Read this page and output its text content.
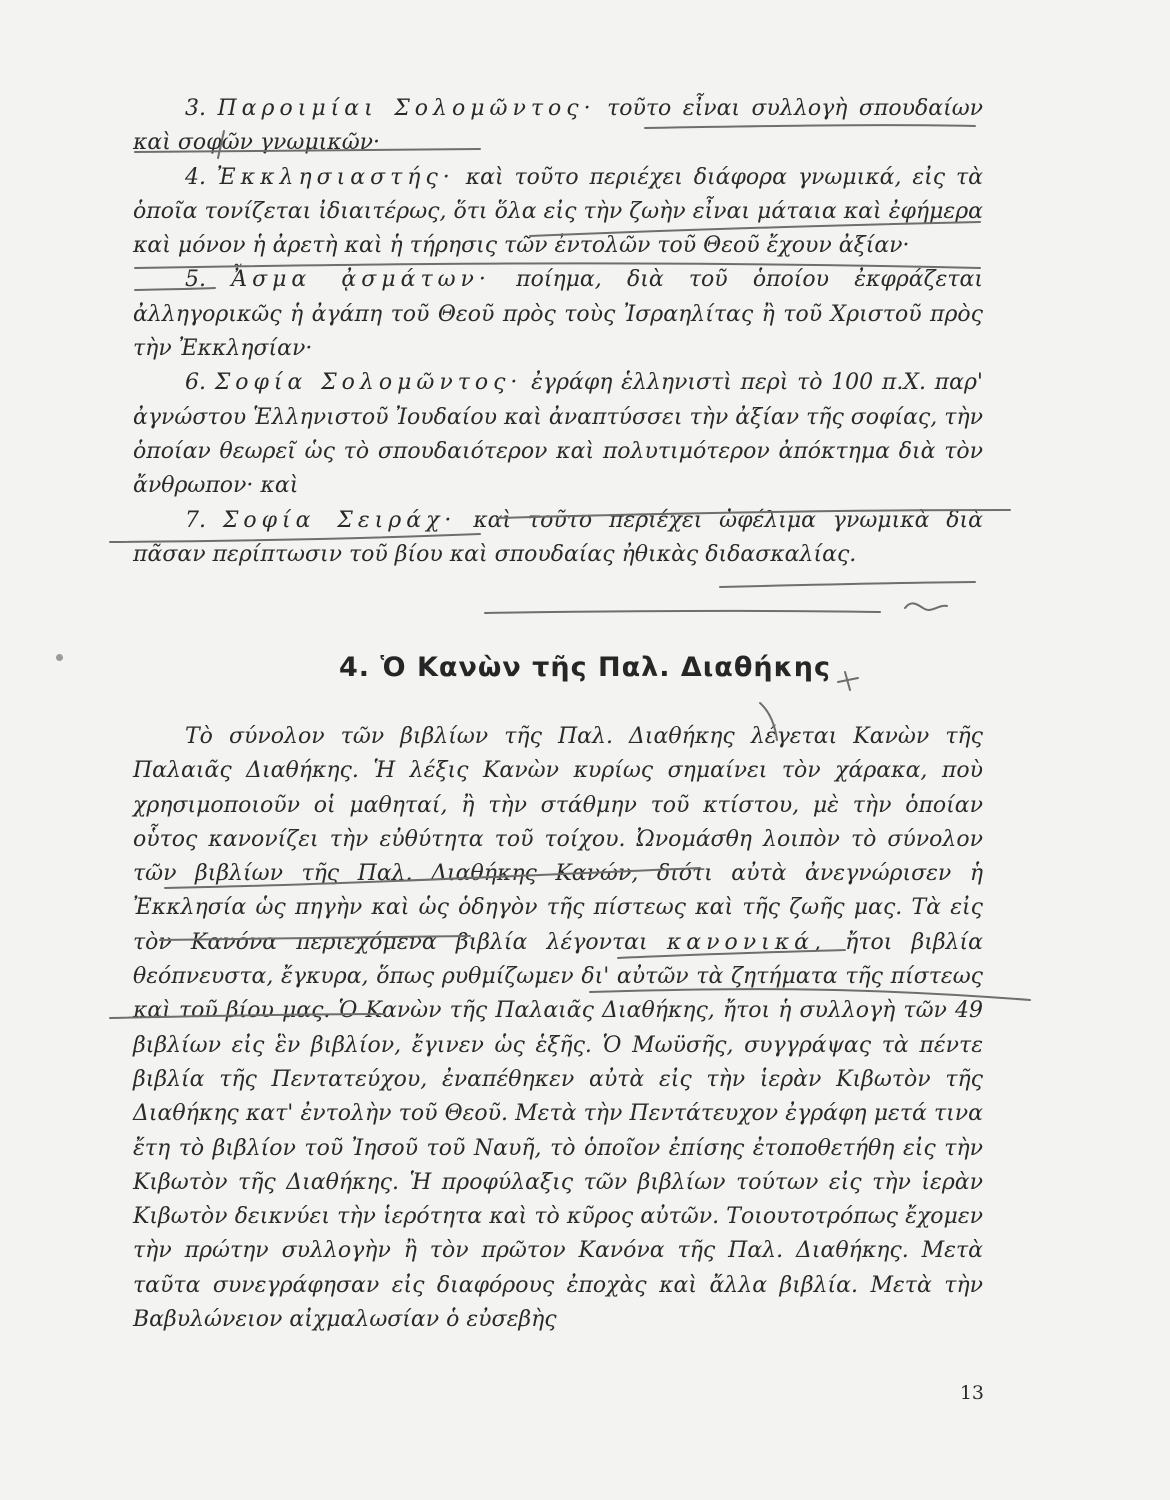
3. Παροιμίαι Σολομῶντος· τοῦτο εἶναι συλλογὴ σπουδαίων καὶ σοφῶν γνωμικῶν·

4. Ἐκκλησιαστής· καὶ τοῦτο περιέχει διάφορα γνωμικά, εἰς τὰ ὁποῖα τονίζεται ἰδιαιτέρως, ὅτι ὅλα εἰς τὴν ζωὴν εἶναι μάταια καὶ ἐφήμερα καὶ μόνον ἡ ἀρετὴ καὶ ἡ τήρησις τῶν ἐντολῶν τοῦ Θεοῦ ἔχουν ἀξίαν·

5. Ἆσμα ᾀσμάτων· ποίημα, διὰ τοῦ ὁποίου ἐκφράζεται ἀλληγορικῶς ἡ ἀγάπη τοῦ Θεοῦ πρὸς τοὺς Ἰσραηλίτας ἢ τοῦ Χριστοῦ πρὸς τὴν Ἐκκλησίαν·

6. Σοφία Σολομῶντος· ἐγράφη ἑλληνιστὶ περὶ τὸ 100 π.Χ. παρ' ἀγνώστου Ἑλληνιστοῦ Ἰουδαίου καὶ ἀναπτύσσει τὴν ἀξίαν τῆς σοφίας, τὴν ὁποίαν θεωρεῖ ὡς τὸ σπουδαιότερον καὶ πολυτιμότερον ἀπόκτημα διὰ τὸν ἄνθρωπον· καὶ

7. Σοφία Σειράχ· καὶ τοῦτο περιέχει ὠφέλιμα γνωμικὰ διὰ πᾶσαν περίπτωσιν τοῦ βίου καὶ σπουδαίας ἠθικὰς διδασκαλίας.

4. Ὁ Κανὼν τῆς Παλ. Διαθήκης

Τὸ σύνολον τῶν βιβλίων τῆς Παλ. Διαθήκης λέγεται Κανὼν τῆς Παλαιᾶς Διαθήκης. Ἡ λέξις Κανὼν κυρίως σημαίνει τὸν χάρακα, ποὺ χρησιμοποιοῦν οἱ μαθηταί, ἢ τὴν στάθμην τοῦ κτίστου, μὲ τὴν ὁποίαν οὗτος κανονίζει τὴν εὐθύτητα τοῦ τοίχου. Ὠνομάσθη λοιπὸν τὸ σύνολον τῶν βιβλίων τῆς Παλ. Διαθήκης Κανών, διότι αὐτὰ ἀνεγνώρισεν ἡ Ἐκκλησία ὡς πηγὴν καὶ ὡς ὁδηγὸν τῆς πίστεως καὶ τῆς ζωῆς μας. Τὰ εἰς τὸν Κανόνα περιεχόμενα βιβλία λέγονται κανονικά, ἤτοι βιβλία θεόπνευστα, ἔγκυρα, ὅπως ρυθμίζωμεν δι' αὐτῶν τὰ ζητήματα τῆς πίστεως καὶ τοῦ βίου μας. Ὁ Κανὼν τῆς Παλαιᾶς Διαθήκης, ἤτοι ἡ συλλογὴ τῶν 49 βιβλίων εἰς ἓν βιβλίον, ἔγινεν ὡς ἑξῆς. Ὁ Μωϋσῆς, συγγράψας τὰ πέντε βιβλία τῆς Πεντατεύχου, ἐναπέθηκεν αὐτὰ εἰς τὴν ἱερὰν Κιβωτὸν τῆς Διαθήκης κατ' ἐντολὴν τοῦ Θεοῦ. Μετὰ τὴν Πεντάτευχον ἐγράφη μετά τινα ἔτη τὸ βιβλίον τοῦ Ἰησοῦ τοῦ Ναυῆ, τὸ ὁποῖον ἐπίσης ἐτοποθετήθη εἰς τὴν Κιβωτὸν τῆς Διαθήκης. Ἡ προφύλαξις τῶν βιβλίων τούτων εἰς τὴν ἱερὰν Κιβωτὸν δεικνύει τὴν ἱερότητα καὶ τὸ κῦρος αὐτῶν. Τοιουτοτρόπως ἔχομεν τὴν πρώτην συλλογὴν ἢ τὸν πρῶτον Κανόνα τῆς Παλ. Διαθήκης. Μετὰ ταῦτα συνεγράφησαν εἰς διαφόρους ἐποχὰς καὶ ἄλλα βιβλία. Μετὰ τὴν Βαβυλώνειον αἰχμαλωσίαν ὁ εὐσεβὴς

13
